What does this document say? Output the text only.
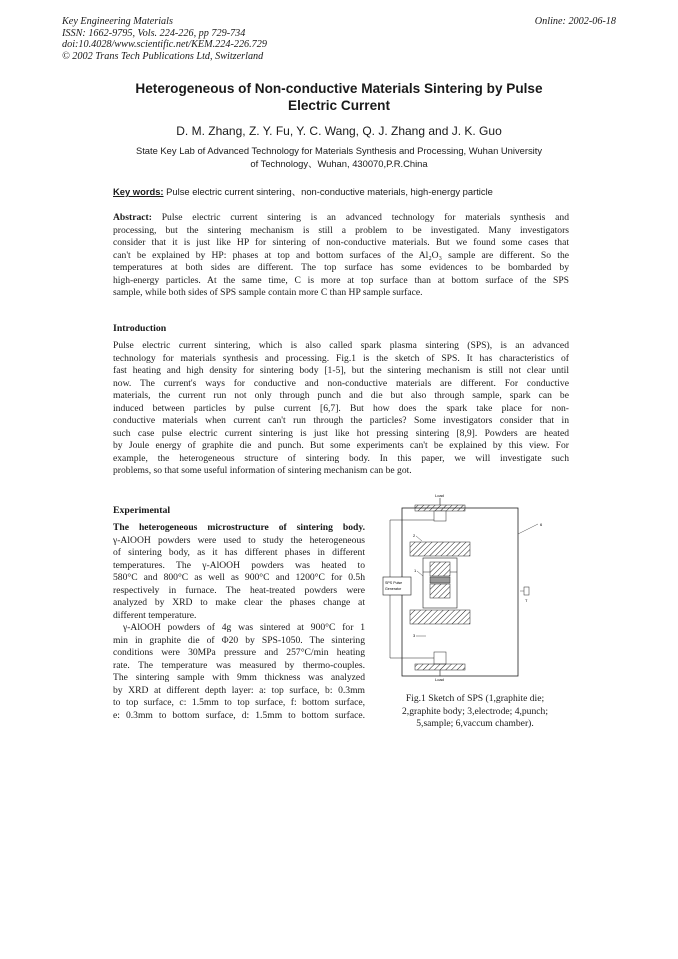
Key Engineering Materials
ISSN: 1662-9795, Vols. 224-226, pp 729-734
doi:10.4028/www.scientific.net/KEM.224-226.729
© 2002 Trans Tech Publications Ltd, Switzerland
Online: 2002-06-18
Heterogeneous of Non-conductive Materials Sintering by Pulse
Electric Current
D. M. Zhang, Z. Y. Fu, Y. C. Wang, Q. J. Zhang and J. K. Guo
State Key Lab of Advanced Technology for Materials Synthesis and Processing, Wuhan University
of Technology、Wuhan, 430070,P.R.China
Key words: Pulse electric current sintering、non-conductive materials, high-energy particle
Abstract: Pulse electric current sintering is an advanced technology for materials synthesis and
processing, but the sintering mechanism is still a problem to be investigated. Many investigators
consider that it is just like HP for sintering of non-conductive materials. But we found some cases that
can't be explained by HP: phases at top and bottom surfaces of the Al₂O₃ sample are different. So the
temperatures at both sides are different. The top surface has some evidences to be bombarded by
high-energy particles. At the same time, C is more at top surface than at bottom surface of the SPS
sample, while both sides of SPS sample contain more C than HP sample surface.
Introduction
Pulse electric current sintering, which is also called spark plasma sintering (SPS), is an advanced
technology for materials synthesis and processing. Fig.1 is the sketch of SPS. It has characteristics of
fast heating and high density for sintering body [1-5], but the sintering mechanism is still not clear until
now. The current's ways for conductive and non-conductive materials are different. For conductive
materials, the current run not only through punch and die but also through sample, spark can be
induced between particles by pulse current [6,7]. But how does the spark take place for non-
conductive materials when current can't run through the particles? Some investigators consider that in
such case pulse electric current sintering is just like hot pressing sintering [8,9]. Powders are heated
by Joule energy of graphite die and punch. But some experiments can't be explained by this view. For
example, the heterogeneous structure of sintering body. In this paper, we will investigate such
problems, so that some useful information of sintering mechanism can be got.
Experimental
The heterogeneous microstructure of sintering body.
γ-AlOOH powders were used to study the heterogeneous
of sintering body, as it has different phases in different
temperatures. The γ-AlOOH powders was heated to
580°C and 800°C as well as 900°C and 1200°C for 0.5h
respectively in furnace. The heat-treated powders were
analyzed by XRD to make clear the phases change at
different temperature.
γ-AlOOH powders of 4g was sintered at 900°C for 1
min in graphite die of Φ20 by SPS-1050. The sintering
conditions were 30MPa pressure and 257°C/min heating
rate. The temperature was measured by thermo-couples.
The sintering sample with 9mm thickness was analyzed
by XRD at different depth layer: a: top surface, b: 0.3mm
to top surface, c: 1.5mm to top surface, f: bottom surface,
e: 0.3mm to bottom surface, d: 1.5mm to bottom surface.
Load
Load
SPS Pulse
Generator
2
1
3
6
T
Fig.1 Sketch of SPS (1,graphite die;
2,graphite body; 3,electrode; 4,punch;
5,sample; 6,vaccum chamber).
